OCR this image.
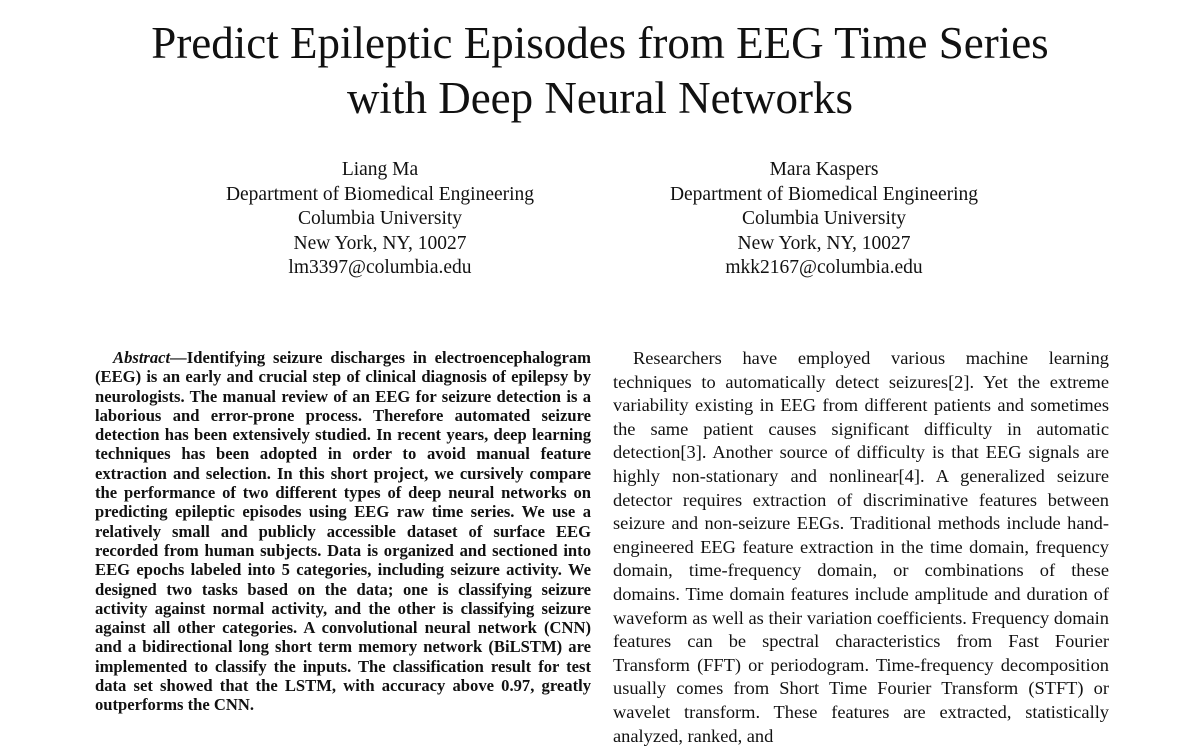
Predict Epileptic Episodes from EEG Time Series
with Deep Neural Networks
Liang Ma
Department of Biomedical Engineering
Columbia University
New York, NY, 10027
lm3397@columbia.edu
Mara Kaspers
Department of Biomedical Engineering
Columbia University
New York, NY, 10027
mkk2167@columbia.edu

Abstract—Identifying seizure discharges in electroencephalogram (EEG) is an early and crucial step of clinical diagnosis of epilepsy by neurologists. The manual review of an EEG for seizure detection is a laborious and error-prone process. Therefore automated seizure detection has been extensively studied. In recent years, deep learning techniques has been adopted in order to avoid manual feature extraction and selection. In this short project, we cursively compare the performance of two different types of deep neural networks on predicting epileptic episodes using EEG raw time series. We use a relatively small and publicly accessible dataset of surface EEG recorded from human subjects. Data is organized and sectioned into EEG epochs labeled into 5 categories, including seizure activity. We designed two tasks based on the data; one is classifying seizure activity against normal activity, and the other is classifying seizure against all other categories. A convolutional neural network (CNN) and a bidirectional long short term memory network (BiLSTM) are implemented to classify the inputs. The classification result for test data set showed that the LSTM, with accuracy above 0.97, greatly outperforms the CNN.

Researchers have employed various machine learning techniques to automatically detect seizures[2]. Yet the extreme variability existing in EEG from different patients and sometimes the same patient causes significant difficulty in automatic detection[3]. Another source of difficulty is that EEG signals are highly non-stationary and nonlinear[4]. A generalized seizure detector requires extraction of discriminative features between seizure and non-seizure EEGs. Traditional methods include hand-engineered EEG feature extraction in the time domain, frequency domain, time-frequency domain, or combinations of these domains. Time domain features include amplitude and duration of waveform as well as their variation coefficients. Frequency domain features can be spectral characteristics from Fast Fourier Transform (FFT) or periodogram. Time-frequency decomposition usually comes from Short Time Fourier Transform (STFT) or wavelet transform. These features are extracted, statistically analyzed, ranked, and
